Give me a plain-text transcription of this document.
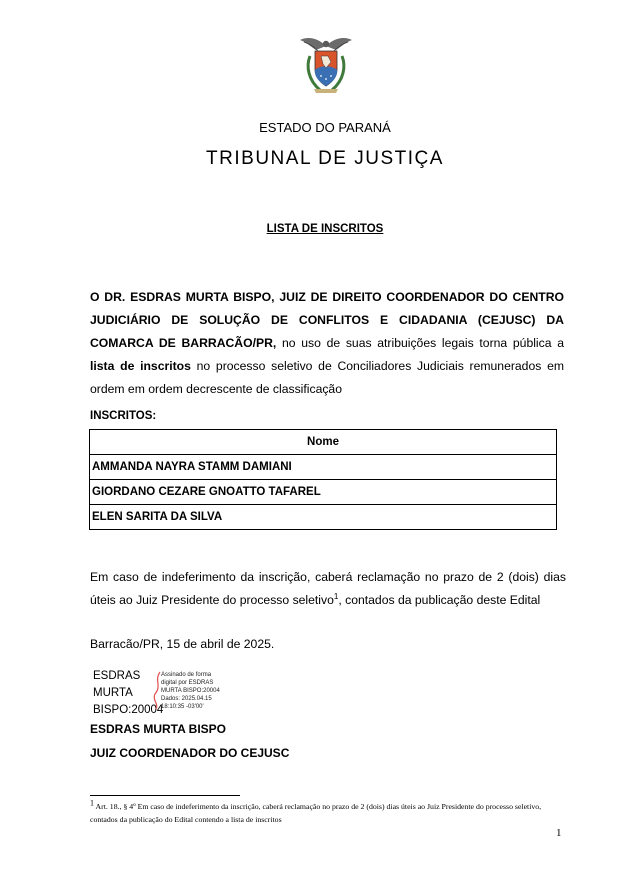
ESTADO DO PARANÁ
TRIBUNAL DE JUSTIÇA
LISTA DE INSCRITOS
O DR. ESDRAS MURTA BISPO, JUIZ DE DIREITO COORDENADOR DO CENTRO JUDICIÁRIO DE SOLUÇÃO DE CONFLITOS E CIDADANIA (CEJUSC) DA COMARCA DE BARRACÃO/PR, no uso de suas atribuições legais torna pública a lista de inscritos no processo seletivo de Conciliadores Judiciais remunerados em ordem em ordem decrescente de classificação
INSCRITOS:
Nome
AMMANDA NAYRA STAMM DAMIANI
GIORDANO CEZARE GNOATTO TAFAREL
ELEN SARITA DA SILVA
Em caso de indeferimento da inscrição, caberá reclamação no prazo de 2 (dois) dias úteis ao Juiz Presidente do processo seletivo$^1$, contados da publicação deste Edital
Barracão/PR, 15 de abril de 2025.
ESDRAS
MURTA
BISPO:20004
Assinado de forma
digital por ESDRAS
MURTA BISPO:20004
Dados: 2025.04.15
18:10:35 -03'00'
ESDRAS MURTA BISPO
JUIZ COORDENADOR DO CEJUSC
$^1$ Art. 18., § 4º Em caso de indeferimento da inscrição, caberá reclamação no prazo de 2 (dois) dias úteis ao Juiz Presidente do processo seletivo, contados da publicação do Edital contendo a lista de inscritos
1
